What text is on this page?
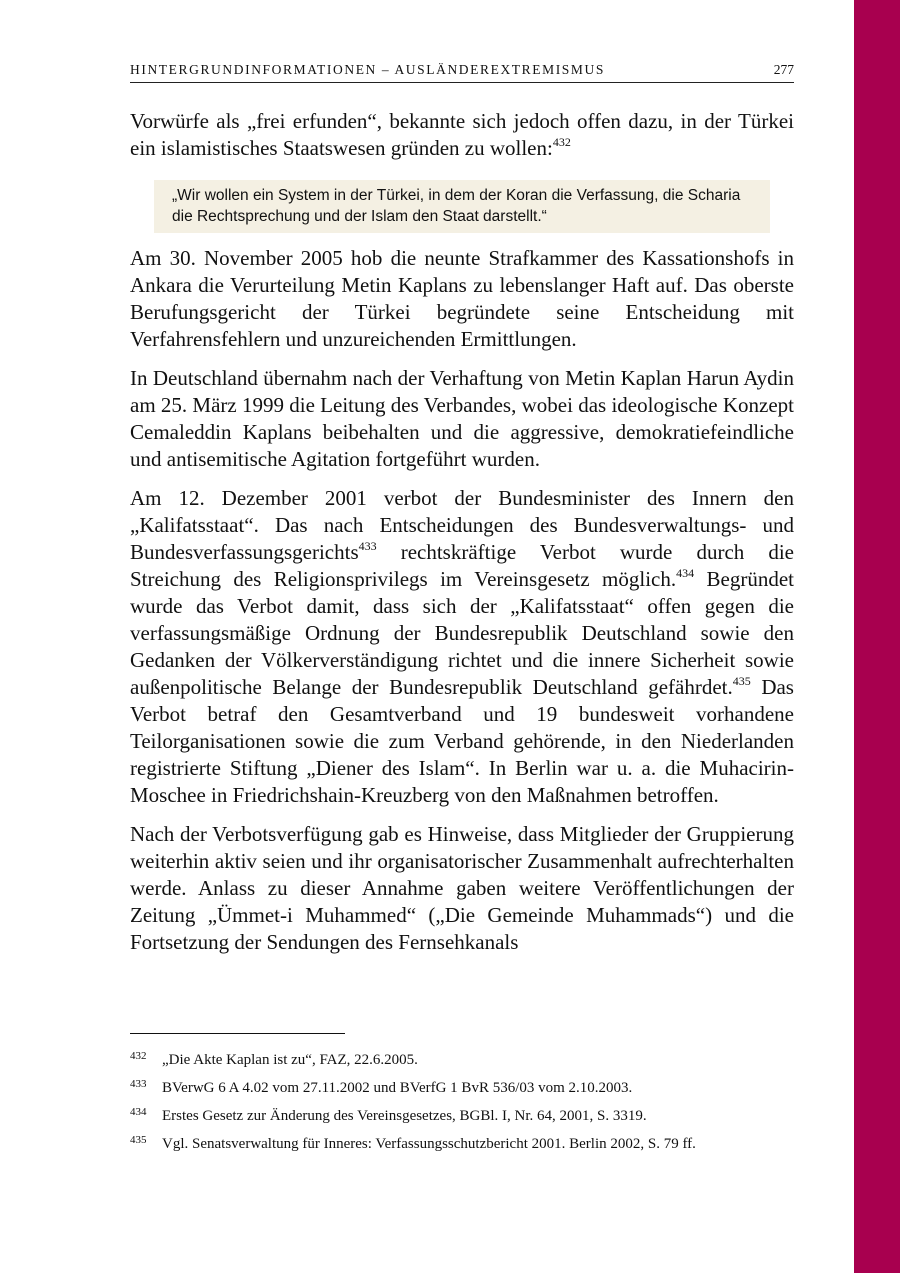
HINTERGRUNDINFORMATIONEN – AUSLÄNDEREXTREMISMUS	277

Vorwürfe als „frei erfunden“, bekannte sich jedoch offen dazu, in der Türkei ein islamistisches Staatswesen gründen zu wollen:$^{432}$

„Wir wollen ein System in der Türkei, in dem der Koran die Verfassung, die Scharia die Rechtsprechung und der Islam den Staat darstellt.“

Am 30. November 2005 hob die neunte Strafkammer des Kassationshofs in Ankara die Verurteilung Metin Kaplans zu lebenslanger Haft auf. Das oberste Berufungsgericht der Türkei begründete seine Entscheidung mit Verfahrensfehlern und unzureichenden Ermittlungen.

In Deutschland übernahm nach der Verhaftung von Metin Kaplan Harun Aydin am 25. März 1999 die Leitung des Verbandes, wobei das ideologische Konzept Cemaleddin Kaplans beibehalten und die aggressive, demokratiefeindliche und antisemitische Agitation fortgeführt wurden.

Am 12. Dezember 2001 verbot der Bundesminister des Innern den „Kalifatsstaat“. Das nach Entscheidungen des Bundesverwaltungs- und Bundesverfassungsgerichts$^{433}$ rechtskräftige Verbot wurde durch die Streichung des Religionsprivilegs im Vereinsgesetz möglich.$^{434}$ Begründet wurde das Verbot damit, dass sich der „Kalifatsstaat“ offen gegen die verfassungsmäßige Ordnung der Bundesrepublik Deutschland sowie den Gedanken der Völkerverständigung richtet und die innere Sicherheit sowie außenpolitische Belange der Bundesrepublik Deutschland gefährdet.$^{435}$ Das Verbot betraf den Gesamtverband und 19 bundesweit vorhandene Teilorganisationen sowie die zum Verband gehörende, in den Niederlanden registrierte Stiftung „Diener des Islam“. In Berlin war u. a. die Muhacirin-Moschee in Friedrichshain-Kreuzberg von den Maßnahmen betroffen.

Nach der Verbotsverfügung gab es Hinweise, dass Mitglieder der Gruppierung weiterhin aktiv seien und ihr organisatorischer Zusammenhalt aufrechterhalten werde. Anlass zu dieser Annahme gaben weitere Veröffentlichungen der Zeitung „Ümmet-i Muhammed“ („Die Gemeinde Muhammads“) und die Fortsetzung der Sendungen des Fernsehkanals

432 „Die Akte Kaplan ist zu“, FAZ, 22.6.2005.
433 BVerwG 6 A 4.02 vom 27.11.2002 und BVerfG 1 BvR 536/03 vom 2.10.2003.
434 Erstes Gesetz zur Änderung des Vereinsgesetzes, BGBl. I, Nr. 64, 2001, S. 3319.
435 Vgl. Senatsverwaltung für Inneres: Verfassungsschutzbericht 2001. Berlin 2002, S. 79 ff.
